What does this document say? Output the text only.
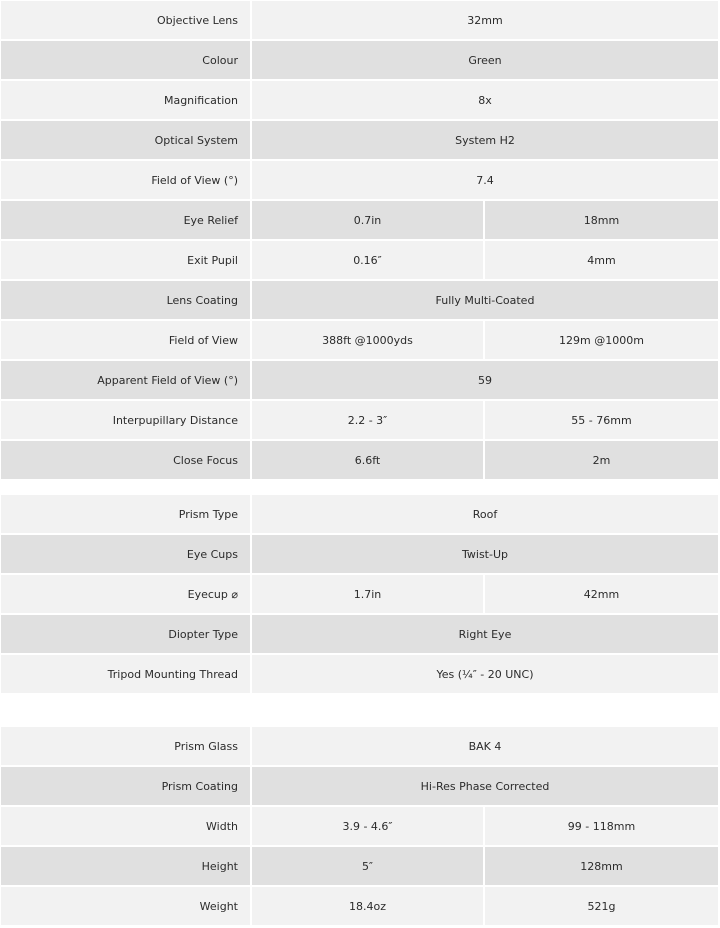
Objective Lens	32mm
Colour	Green
Magnification	8x
Optical System	System H2
Field of View (°)	7.4
Eye Relief	0.7in	18mm
Exit Pupil	0.16″	4mm
Lens Coating	Fully Multi-Coated
Field of View	388ft @1000yds	129m @1000m
Apparent Field of View (°)	59
Interpupillary Distance	2.2 - 3″	55 - 76mm
Close Focus	6.6ft	2m
Prism Type	Roof
Eye Cups	Twist-Up
Eyecup ⌀	1.7in	42mm
Diopter Type	Right Eye
Tripod Mounting Thread	Yes (¼″ - 20 UNC)
Prism Glass	BAK 4
Prism Coating	Hi-Res Phase Corrected
Width	3.9 - 4.6″	99 - 118mm
Height	5″	128mm
Weight	18.4oz	521g
